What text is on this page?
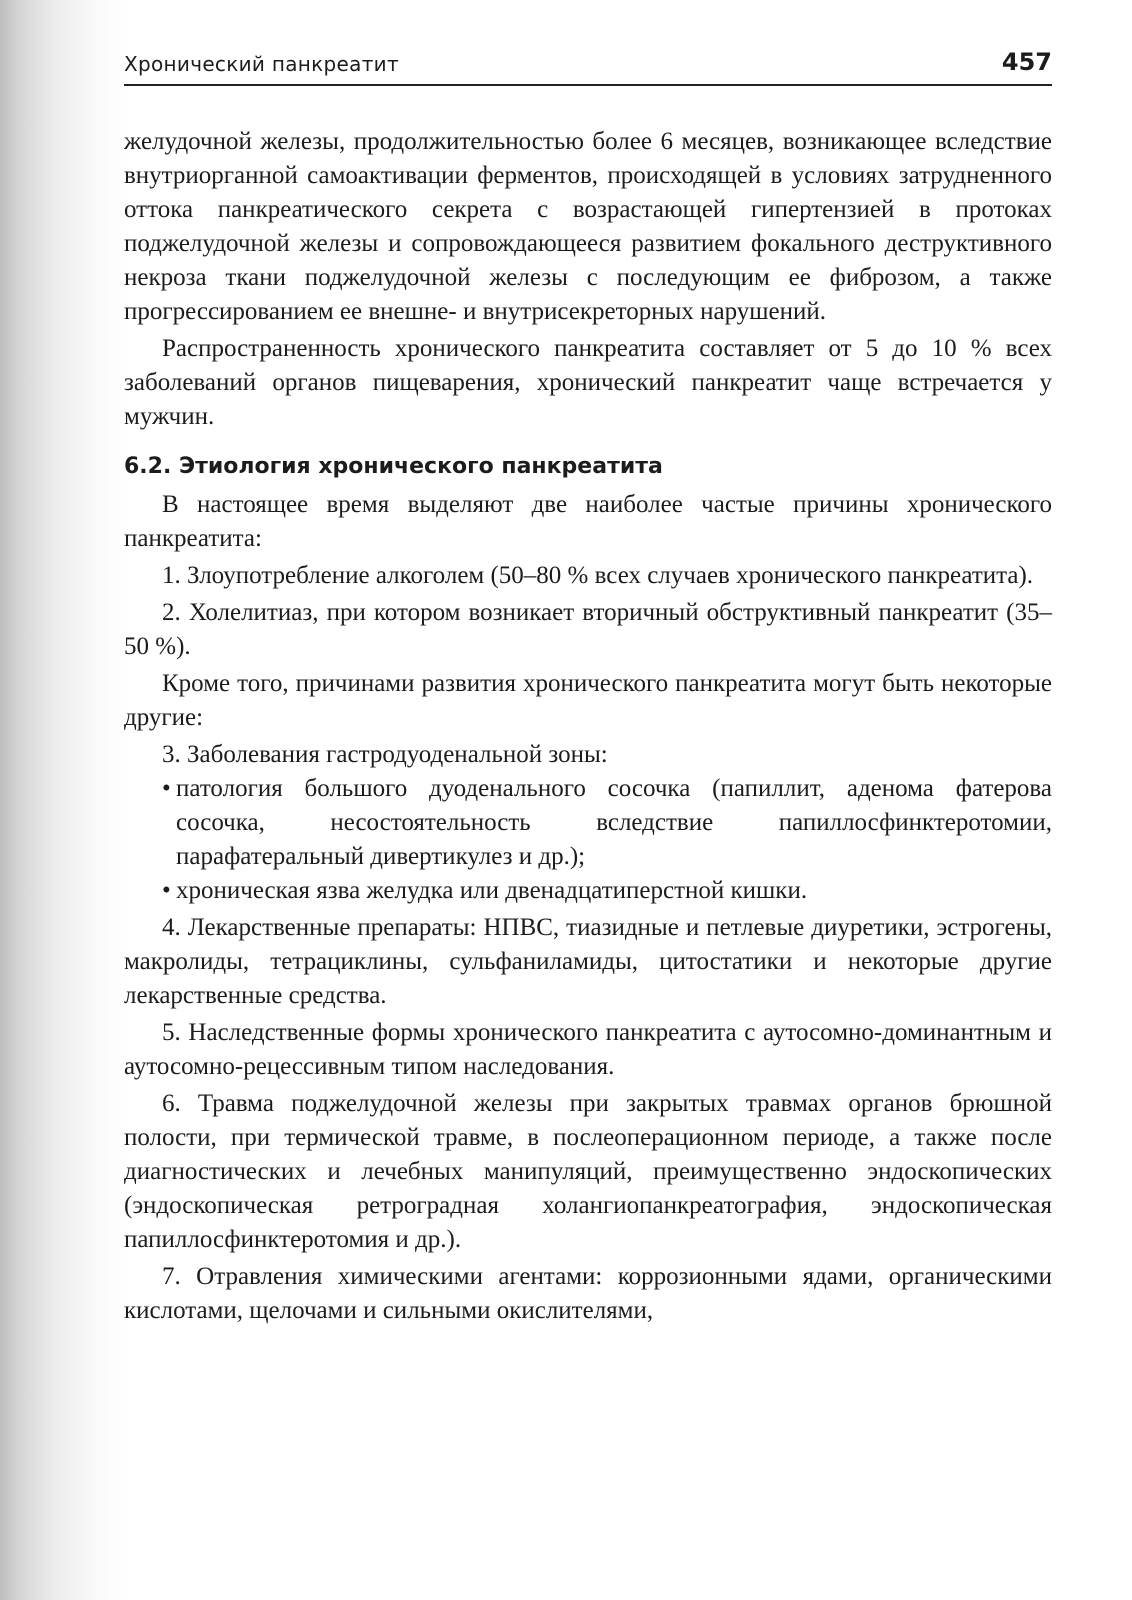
Хронический панкреатит	457

желудочной железы, продолжительностью более 6 месяцев, возникающее вследствие внутриорганной самоактивации ферментов, происходящей в условиях затрудненного оттока панкреатического секрета с возрастающей гипертензией в протоках поджелудочной железы и сопровождающееся развитием фокального деструктивного некроза ткани поджелудочной железы с последующим ее фиброзом, а также прогрессированием ее внешне- и внутрисекреторных нарушений.

Распространенность хронического панкреатита составляет от 5 до 10 % всех заболеваний органов пищеварения, хронический панкреатит чаще встречается у мужчин.

6.2. Этиология хронического панкреатита

В настоящее время выделяют две наиболее частые причины хронического панкреатита:

1. Злоупотребление алкоголем (50–80 % всех случаев хронического панкреатита).

2. Холелитиаз, при котором возникает вторичный обструктивный панкреатит (35–50 %).

Кроме того, причинами развития хронического панкреатита могут быть некоторые другие:

3. Заболевания гастродуоденальной зоны:

• патология большого дуоденального сосочка (папиллит, аденома фатерова сосочка, несостоятельность вследствие папиллосфинктеротомии, парафатеральный дивертикулез и др.);

• хроническая язва желудка или двенадцатиперстной кишки.

4. Лекарственные препараты: НПВС, тиазидные и петлевые диуретики, эстрогены, макролиды, тетрациклины, сульфаниламиды, цитостатики и некоторые другие лекарственные средства.

5. Наследственные формы хронического панкреатита с аутосомно-доминантным и аутосомно-рецессивным типом наследования.

6. Травма поджелудочной железы при закрытых травмах органов брюшной полости, при термической травме, в послеоперационном периоде, а также после диагностических и лечебных манипуляций, преимущественно эндоскопических (эндоскопическая ретроградная холангиопанкреатография, эндоскопическая папиллосфинктеротомия и др.).

7. Отравления химическими агентами: коррозионными ядами, органическими кислотами, щелочами и сильными окислителями,
